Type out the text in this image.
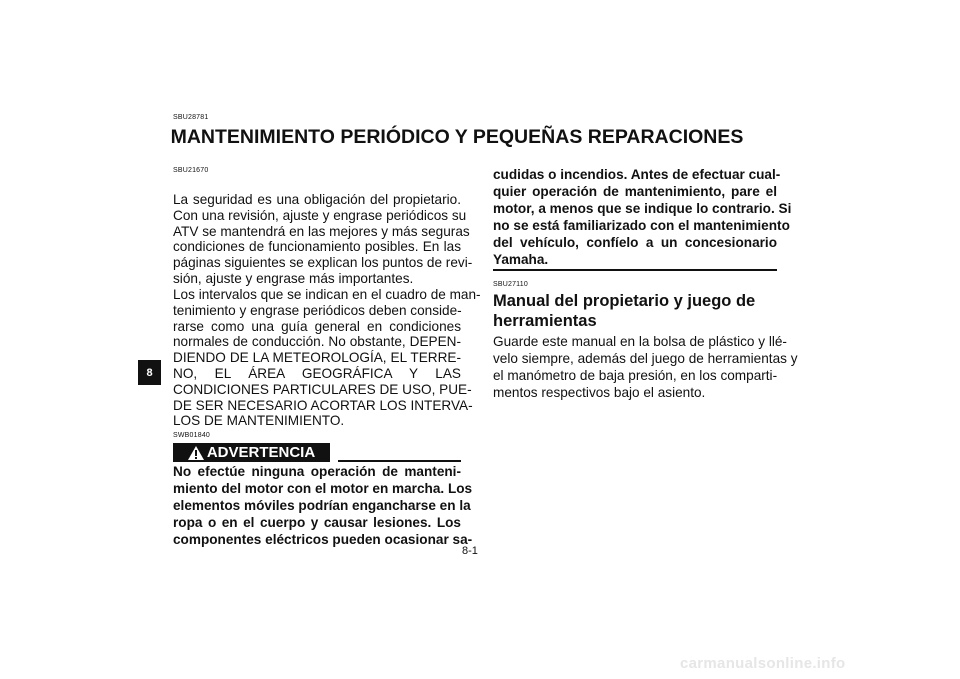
SBU28781
MANTENIMIENTO PERIÓDICO Y PEQUEÑAS REPARACIONES
SBU21670
8
La seguridad es una obligación del propietario.
Con una revisión, ajuste y engrase periódicos su
ATV se mantendrá en las mejores y más seguras
condiciones de funcionamiento posibles. En las
páginas siguientes se explican los puntos de revi-
sión, ajuste y engrase más importantes.
Los intervalos que se indican en el cuadro de man-
tenimiento y engrase periódicos deben conside-
rarse como una guía general en condiciones
normales de conducción. No obstante, DEPEN-
DIENDO DE LA METEOROLOGÍA, EL TERRE-
NO, EL ÁREA GEOGRÁFICA Y LAS
CONDICIONES PARTICULARES DE USO, PUE-
DE SER NECESARIO ACORTAR LOS INTERVA-
LOS DE MANTENIMIENTO.
SWB01840
ADVERTENCIA
No efectúe ninguna operación de manteni-
miento del motor con el motor en marcha. Los
elementos móviles podrían engancharse en la
ropa o en el cuerpo y causar lesiones. Los
componentes eléctricos pueden ocasionar sa-
cudidas o incendios. Antes de efectuar cual-
quier operación de mantenimiento, pare el
motor, a menos que se indique lo contrario. Si
no se está familiarizado con el mantenimiento
del vehículo, confíelo a un concesionario
Yamaha.
SBU27110
Manual del propietario y juego de
herramientas
Guarde este manual en la bolsa de plástico y llé-
velo siempre, además del juego de herramientas y
el manómetro de baja presión, en los comparti-
mentos respectivos bajo el asiento.
8-1
carmanualsonline.info
